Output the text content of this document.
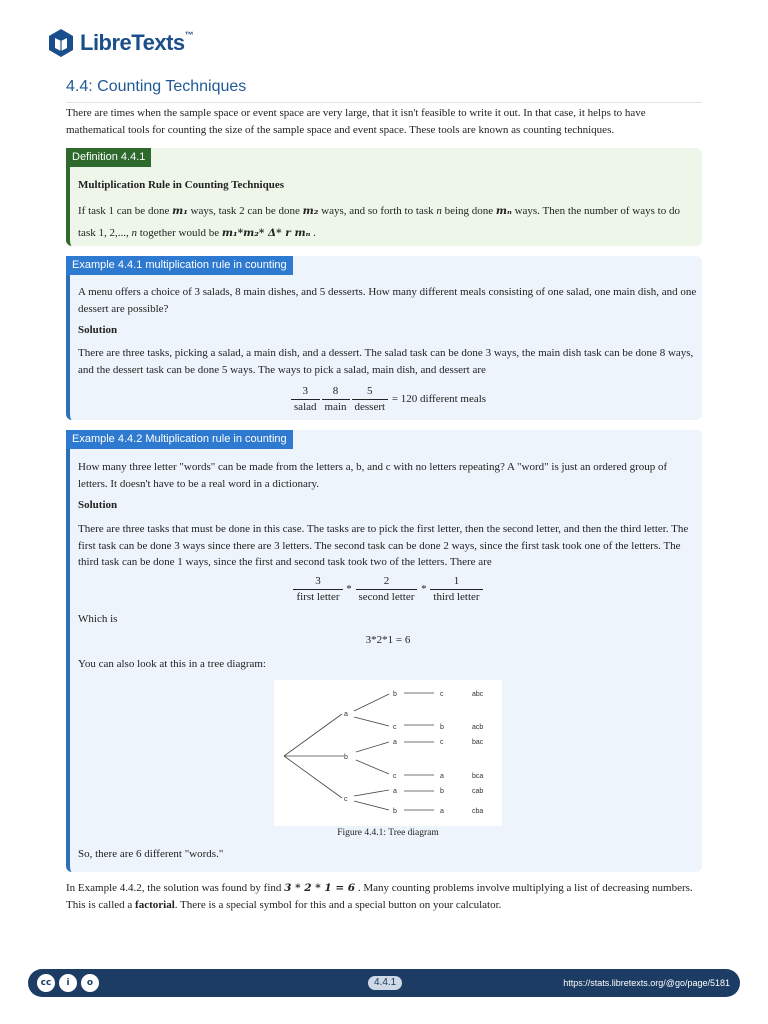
LibreTexts™
4.4: Counting Techniques

There are times when the sample space or event space are very large, that it isn't feasible to write it out. In that case, it helps to have mathematical tools for counting the size of the sample space and event space. These tools are known as counting techniques.

Definition 4.4.1

Multiplication Rule in Counting Techniques

If task 1 can be done m₁ ways, task 2 can be done m₂ ways, and so forth to task n being done mₙ ways. Then the number of ways to do task 1, 2,..., n together would be m₁*m₂* Δ* r mₙ .

Example 4.4.1 multiplication rule in counting

A menu offers a choice of 3 salads, 8 main dishes, and 5 desserts. How many different meals consisting of one salad, one main dish, and one dessert are possible?

Solution

There are three tasks, picking a salad, a main dish, and a dessert. The salad task can be done 3 ways, the main dish task can be done 8 ways, and the dessert task can be done 5 ways. The ways to pick a salad, main dish, and dessert are

$\frac{3}{\text{salad}} \frac{8}{\text{main}} \frac{5}{\text{dessert}} = 120$ different meals
Example 4.4.2 Multiplication rule in counting

How many three letter "words" can be made from the letters a, b, and c with no letters repeating? A "word" is just an ordered group of letters. It doesn't have to be a real word in a dictionary.

Solution

There are three tasks that must be done in this case. The tasks are to pick the first letter, then the second letter, and then the third letter. The first task can be done 3 ways since there are 3 letters. The second task can be done 2 ways, since the first task took one of the letters. The third task can be done 1 ways, since the first and second task took two of the letters. There are

$\frac{3}{\text{first letter}} * \frac{2}{\text{second letter}} * \frac{1}{\text{third letter}}$

Which is

3*2*1 = 6

You can also look at this in a tree diagram:

a
b
c
b
c
a
c
a
b
c
b
c
a
b
a
abc
acb
bac
bca
cab
cba
Figure 4.4.1: Tree diagram

So, there are 6 different "words."

In Example 4.4.2, the solution was found by find 3 * 2 * 1 = 6 . Many counting problems involve multiplying a list of decreasing numbers. This is called a factorial. There is a special symbol for this and a special button on your calculator.

cc	i	o	4.4.1	https://stats.libretexts.org/@go/page/5181
